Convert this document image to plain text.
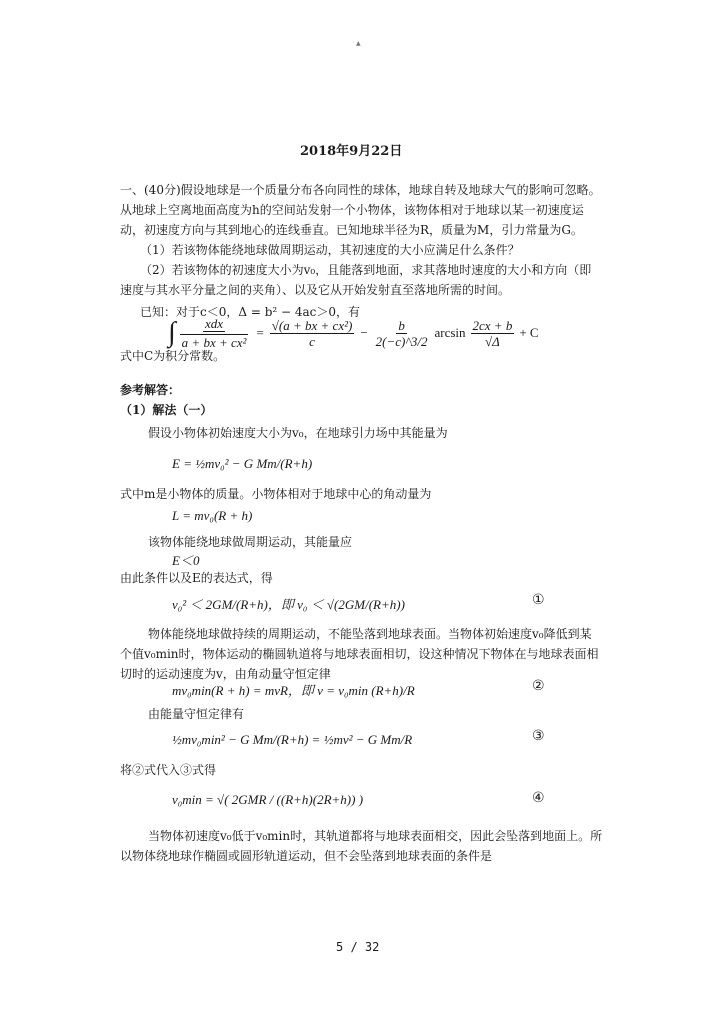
▲
2018年9月22日
一、(40分)假设地球是一个质量分布各向同性的球体，地球自转及地球大气的影响可忽略。
从地球上空离地面高度为h的空间站发射一个小物体，该物体相对于地球以某一初速度运
动，初速度方向与其到地心的连线垂直。已知地球半径为R，质量为M，引力常量为G。
（1）若该物体能绕地球做周期运动，其初速度的大小应满足什么条件？
（2）若该物体的初速度大小为v₀，且能落到地面，求其落地时速度的大小和方向（即
速度与其水平分量之间的夹角）、以及它从开始发射直至落地所需的时间。
已知：对于c＜0，Δ = b² − 4ac＞0，有
∫ $\frac{\text{xdx}}{\text{a + bx + cx²}} = \frac{\text{√(a + bx + cx²)}}{c} - \frac{b}{2(-c)\^{}3/2}$ $\arcsin \frac{2cx + b}{√\Delta} + C$
式中C为积分常数。
参考解答：
（1）解法（一）
假设小物体初始速度大小为v₀，在地球引力场中其能量为
E = ½mv₀² − G Mm/(R+h)
式中m是小物体的质量。小物体相对于地球中心的角动量为
L = mv₀(R + h)
该物体能绕地球做周期运动，其能量应
E＜0
由此条件以及E的表达式，得
v₀² ＜ 2GM/(R+h)，即 v₀ ＜ √(2GM/(R+h))	①
物体能绕地球做持续的周期运动，不能坠落到地球表面。当物体初始速度v₀降低到某
个值v₀min时，物体运动的椭圆轨道将与地球表面相切，设这种情况下物体在与地球表面相
切时的运动速度为v，由角动量守恒定律
mv₀min(R + h) = mvR，即 v = v₀min (R+h)/R	②
由能量守恒定律有
½mv₀min² − G Mm/(R+h) = ½mv² − G Mm/R	③
将②式代入③式得
v₀min = √( 2GMR / ((R+h)(2R+h)) )	④
当物体初速度v₀低于v₀min时，其轨道都将与地球表面相交，因此会坠落到地面上。所
以物体绕地球作椭圆或圆形轨道运动，但不会坠落到地球表面的条件是
5 / 32
